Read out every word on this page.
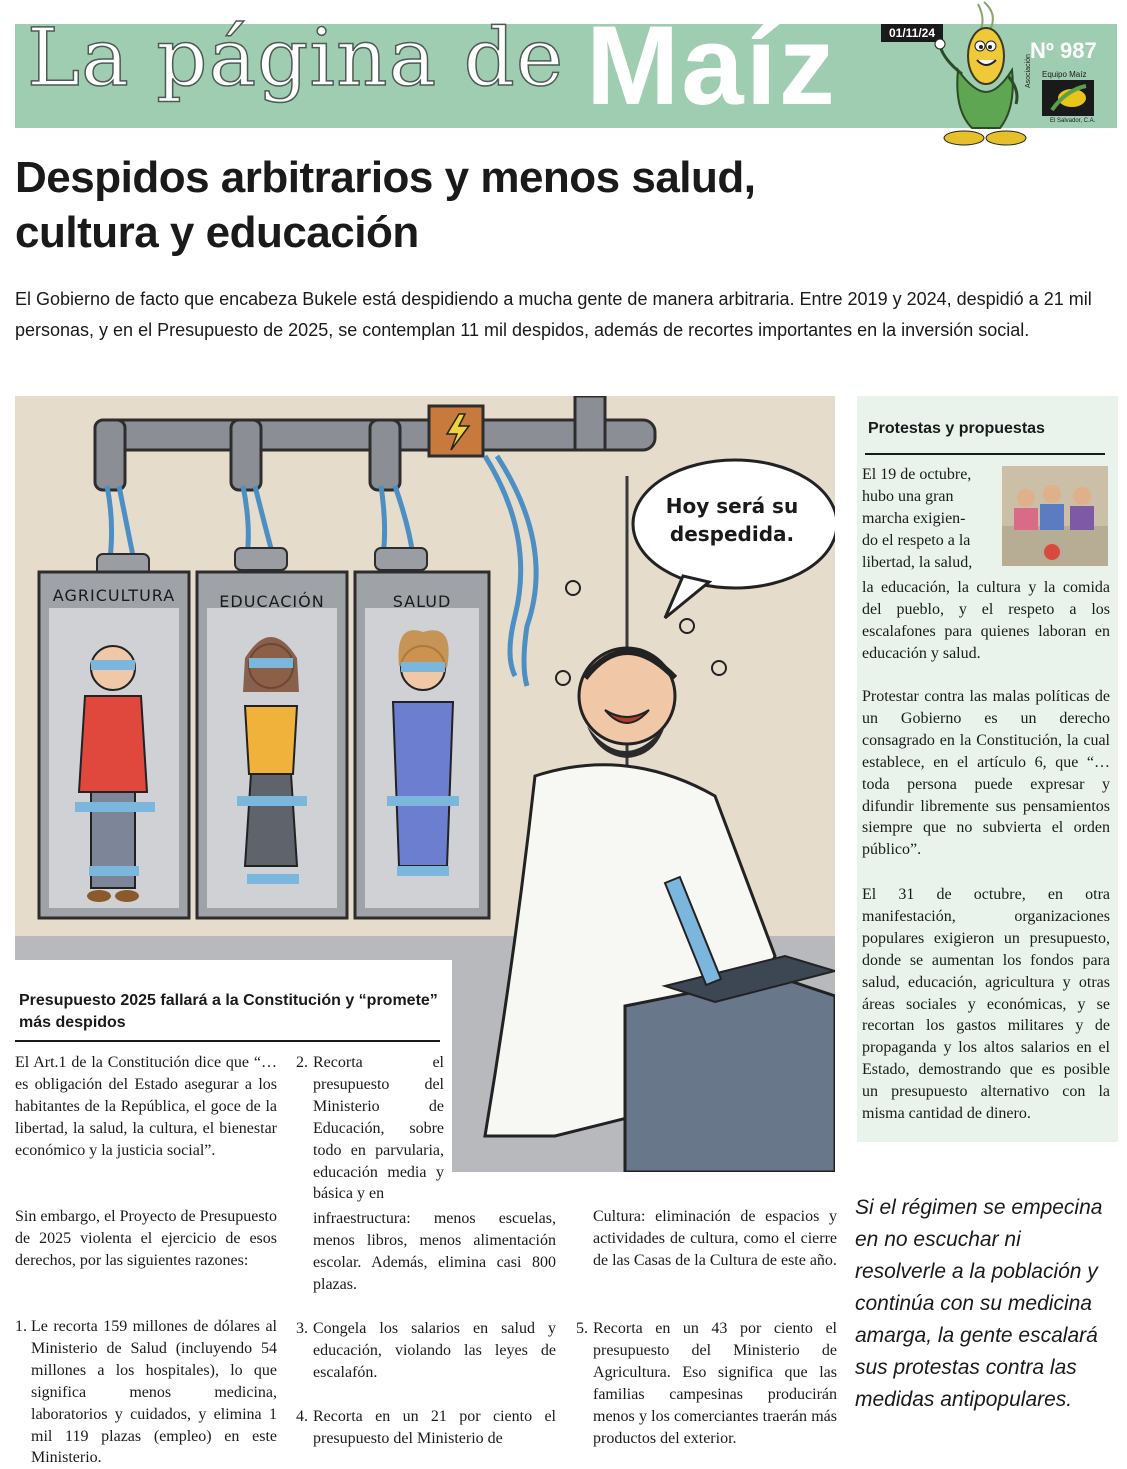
La página de Maíz	01/11/24
Nº 987
Equipo Maíz
Asociación
El Salvador, C.A.
Despidos arbitrarios y menos salud,
cultura y educación
El Gobierno de facto que encabeza Bukele está despidiendo a mucha gente de manera arbitraria. Entre 2019 y 2024, despidió a 21 mil personas, y en el Presupuesto de 2025, se contemplan 11 mil despidos, además de recortes importantes en la inversión social.
Hoy será su despedida.
AGRICULTURA	EDUCACIÓN	SALUD
Presupuesto 2025 fallará a la Constitución y “promete” más despidos
Protestas y propuestas
El 19 de octubre,
hubo una gran
marcha exigien-
do el respeto a la
libertad, la salud,
la educación, la cultura y la comida del pueblo, y el respeto a los escalafones para quienes laboran en educación y salud.
Protestar contra las malas políticas de un Gobierno es un derecho consagrado en la Constitución, la cual establece, en el artículo 6, que “… toda persona puede expresar y difundir libremente sus pensamientos siempre que no subvierta el orden público”.
El 31 de octubre, en otra manifestación, organizaciones populares exigieron un presupuesto, donde se aumentan los fondos para salud, educación, agricultura y otras áreas sociales y económicas, y se recortan los gastos militares y de propaganda y los altos salarios en el Estado, demostrando que es posible un presupuesto alternativo con la misma cantidad de dinero.
El Art.1 de la Constitución dice que “… es obligación del Estado asegurar a los habitantes de la República, el goce de la libertad, la salud, la cultura, el bienestar económico y la justicia social”.
Sin embargo, el Proyecto de Presupuesto de 2025 violenta el ejercicio de esos derechos, por las siguientes razones:
1. Le recorta 159 millones de dólares al Ministerio de Salud (incluyendo 54 millones a los hospitales), lo que significa menos medicina, laboratorios y cuidados, y elimina 1 mil 119 plazas (empleo) en este Ministerio.
2. Recorta el presupuesto del Ministerio de Educación, sobre todo en parvularia, educación media y básica y en
infraestructura: menos escuelas, menos libros, menos alimentación escolar. Además, elimina casi 800 plazas.
3. Congela los salarios en salud y educación, violando las leyes de escalafón.
4. Recorta en un 21 por ciento el presupuesto del Ministerio de
Cultura: eliminación de espacios y actividades de cultura, como el cierre de las Casas de la Cultura de este año.
5. Recorta en un 43 por ciento el presupuesto del Ministerio de Agricultura. Eso significa que las familias campesinas producirán menos y los comerciantes traerán más productos del exterior.
Si el régimen se empecina en no escuchar ni resolverle a la población y continúa con su medicina amarga, la gente escalará sus protestas contra las medidas antipopulares.
